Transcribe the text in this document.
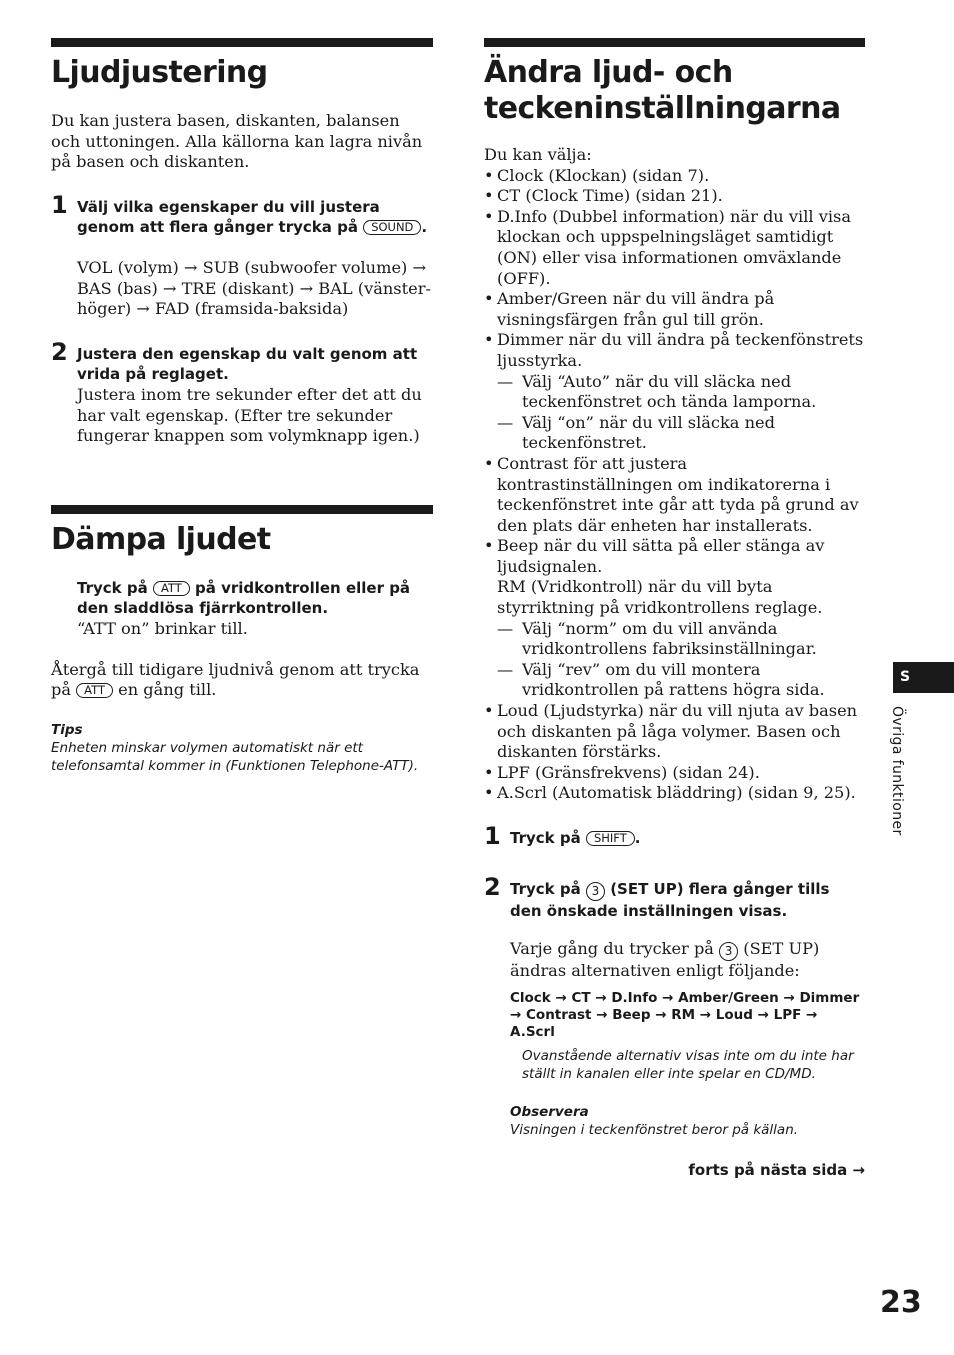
Ljudjustering

Du kan justera basen, diskanten, balansen och uttoningen. Alla källorna kan lagra nivån på basen och diskanten.

1 Välj vilka egenskaper du vill justera genom att flera gånger trycka på SOUND .

VOL (volym) → SUB (subwoofer volume) → BAS (bas) → TRE (diskant) → BAL (vänster-höger) → FAD (framsida-baksida)

2 Justera den egenskap du valt genom att vrida på reglaget.

Justera inom tre sekunder efter det att du har valt egenskap. (Efter tre sekunder fungerar knappen som volymknapp igen.)

Dämpa ljudet
Tryck på ATT på vridkontrollen eller på den sladdlösa fjärrkontrollen.

“ATT on” brinkar till.

Återgå till tidigare ljudnivå genom att trycka på ATT en gång till.

Tips
Enheten minskar volymen automatiskt när ett telefonsamtal kommer in (Funktionen Telephone-ATT).
Ändra ljud- och teckeninställningarna

Du kan välja:

• Clock (Klockan) (sidan 7).
• CT (Clock Time) (sidan 21).
• D.Info (Dubbel information) när du vill visa klockan och uppspelningsläget samtidigt (ON) eller visa informationen omväxlande (OFF).
• Amber/Green när du vill ändra på visningsfärgen från gul till grön.
• Dimmer när du vill ändra på teckenfönstrets ljusstyrka.
— Välj “Auto” när du vill släcka ned teckenfönstret och tända lamporna.
— Välj “on” när du vill släcka ned teckenfönstret.
• Contrast för att justera kontrastinställningen om indikatorerna i teckenfönstret inte går att tyda på grund av den plats där enheten har installerats.
• Beep när du vill sätta på eller stänga av ljudsignalen.

RM (Vridkontroll) när du vill byta styrriktning på vridkontrollens reglage.

— Välj “norm” om du vill använda vridkontrollens fabriksinställningar.
— Välj “rev” om du vill montera vridkontrollen på rattens högra sida.
• Loud (Ljudstyrka) när du vill njuta av basen och diskanten på låga volymer. Basen och diskanten förstärks.
• LPF (Gränsfrekvens) (sidan 24).
• A.Scrl (Automatisk bläddring) (sidan 9, 25).
1 Tryck på SHIFT .
2 Tryck på 3 (SET UP) flera gånger tills den önskade inställningen visas.

Varje gång du trycker på 3 (SET UP) ändras alternativen enligt följande:

Clock → CT → D.Info → Amber/Green → Dimmer → Contrast → Beep → RM → Loud → LPF → A.Scrl
Ovanstående alternativ visas inte om du inte har ställt in kanalen eller inte spelar en CD/MD.
Observera
Visningen i teckenfönstret beror på källan.
forts på nästa sida →
S
Övriga funktioner
23
